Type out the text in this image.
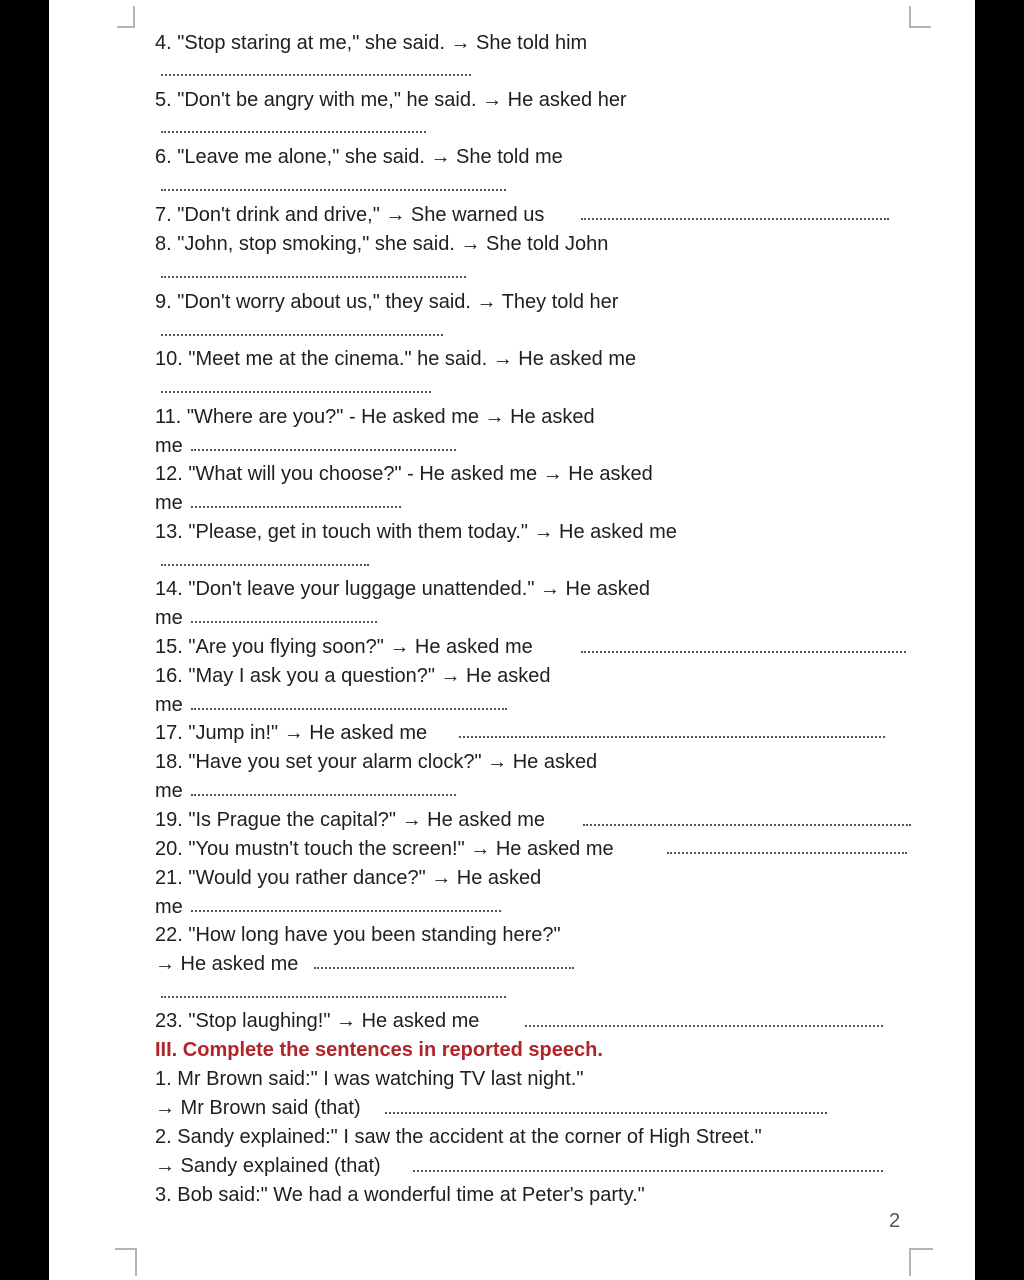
4. "Stop staring at me," she said. → She told him
5. "Don't be angry with me," he said. → He asked her
6. "Leave me alone," she said. → She told me
7. "Don't drink and drive," → She warned us
8. "John, stop smoking," she said. → She told John
9. "Don't worry about us," they said. → They told her
10. "Meet me at the cinema." he said. → He asked me
11. "Where are you?" - He asked me → He asked
me
12. "What will you choose?" - He asked me → He asked
me
13. "Please, get in touch with them today." → He asked me
14. "Don't leave your luggage unattended." → He asked
me
15. "Are you flying soon?" → He asked me
16. "May I ask you a question?" → He asked
me
17. "Jump in!" → He asked me
18. "Have you set your alarm clock?" → He asked
me
19. "Is Prague the capital?" → He asked me
20. "You mustn't touch the screen!" → He asked me
21. "Would you rather dance?" → He asked
me
22. "How long have you been standing here?"
→ He asked me
23. "Stop laughing!" → He asked me
III. Complete the sentences in reported speech.
1. Mr Brown said:" I was watching TV last night."
→ Mr Brown said (that)
2. Sandy explained:" I saw the accident at the corner of High Street."
→ Sandy explained (that)
3. Bob said:" We had a wonderful time at Peter's party."
2
